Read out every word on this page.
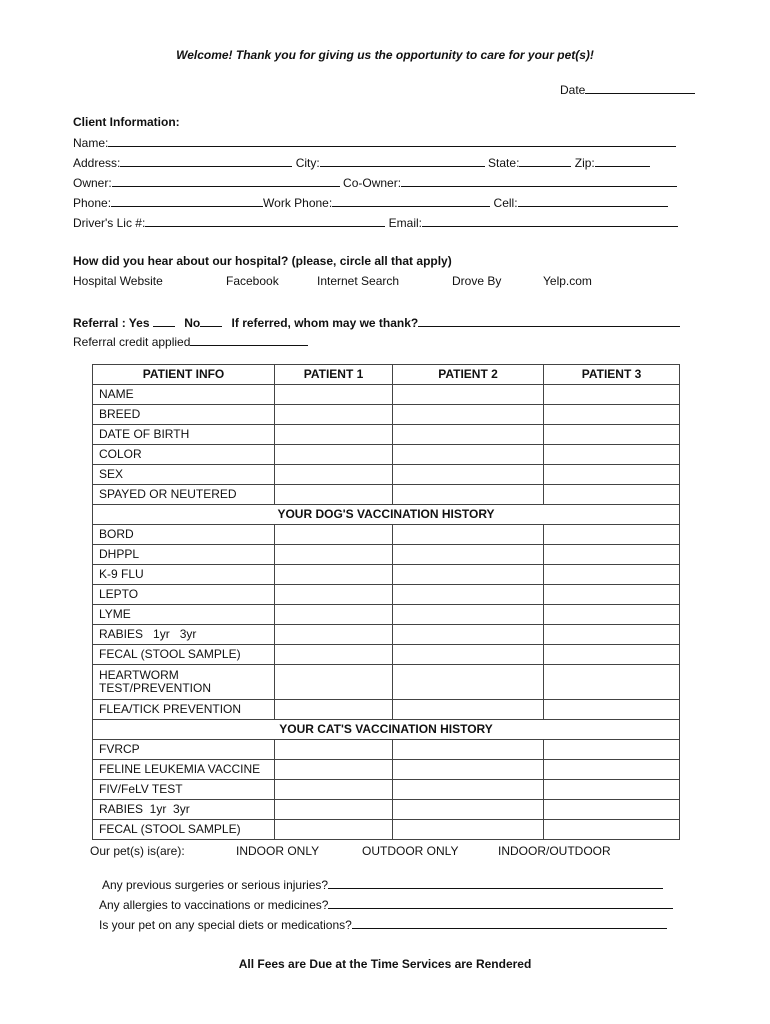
Welcome! Thank you for giving us the opportunity to care for your pet(s)!
Date
Client Information:
Name:
Address:	City:	State:	Zip:
Owner:	Co-Owner:
Phone:	Work Phone:	Cell:
Driver's Lic #:	Email:
How did you hear about our hospital? (please, circle all that apply)
Hospital Website	Facebook	Internet Search	Drove By	Yelp.com
Referral : Yes	No	If referred, whom may we thank?
Referral credit applied
PATIENT INFO	PATIENT 1	PATIENT 2	PATIENT 3
NAME			
BREED			
DATE OF BIRTH			
COLOR			
SEX			
SPAYED OR NEUTERED			
YOUR DOG'S VACCINATION HISTORY			
BORD			
DHPPL			
K-9 FLU			
LEPTO			
LYME			
RABIES   1yr   3yr			
FECAL (STOOL SAMPLE)			
HEARTWORM TEST/PREVENTION			
FLEA/TICK PREVENTION			
YOUR CAT'S VACCINATION HISTORY			
FVRCP			
FELINE LEUKEMIA VACCINE			
FIV/FeLV TEST			
RABIES  1yr  3yr			
FECAL (STOOL SAMPLE)			
Our pet(s) is(are):	INDOOR ONLY	OUTDOOR ONLY	INDOOR/OUTDOOR
Any previous surgeries or serious injuries?
Any allergies to vaccinations or medicines?
Is your pet on any special diets or medications?
All Fees are Due at the Time Services are Rendered
